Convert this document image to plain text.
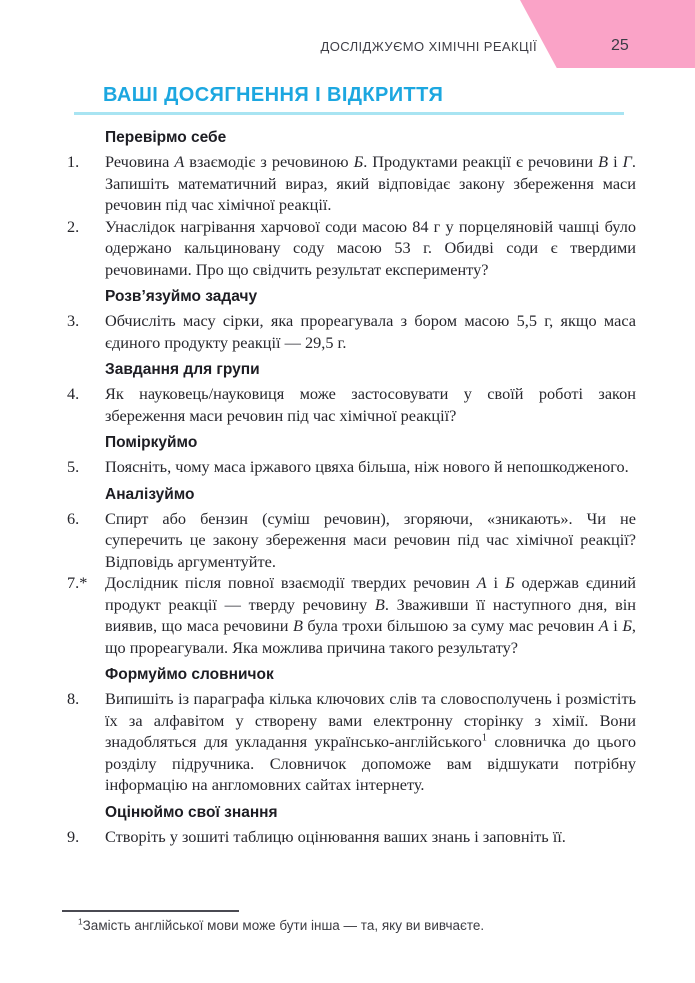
ДОСЛІДЖУЄМО ХІМІЧНІ РЕАКЦІЇ	25
ВАШІ ДОСЯГНЕННЯ І ВІДКРИТТЯ
Перевірмо себе
1.	Речовина А взаємодіє з речовиною Б. Продуктами реакції є речовини В і Г. Запишіть математичний вираз, який відповідає закону збереження маси речовин під час хімічної реакції.

2.	Унаслідок нагрівання харчової соди масою 84 г у порцеляновій чашці було одержано кальциновану соду масою 53 г. Обидві соди є твердими речовинами. Про що свідчить результат експерименту?

Розв’язуймо задачу
3.	Обчисліть масу сірки, яка прореагувала з бором масою 5,5 г, якщо маса єдиного продукту реакції — 29,5 г.

Завдання для групи
4.	Як науковець/науковиця може застосовувати у своїй роботі закон збереження маси речовин під час хімічної реакції?

Поміркуймо
5.	Поясніть, чому маса іржавого цвяха більша, ніж нового й непошкодженого.

Аналізуймо
6.	Спирт або бензин (суміш речовин), згоряючи, «зникають». Чи не суперечить це закону збереження маси речовин під час хімічної реакції? Відповідь аргументуйте.

7.*	Дослідник після повної взаємодії твердих речовин А і Б одержав єдиний продукт реакції — тверду речовину В. Зваживши її наступного дня, він виявив, що маса речовини В була трохи більшою за суму мас речовин А і Б, що прореагували. Яка можлива причина такого результату?

Формуймо словничок
8.	Випишіть із параграфа кілька ключових слів та словосполучень і розмістіть їх за алфавітом у створену вами електронну сторінку з хімії. Вони знадобляться для укладання українсько-англійського$^1$ словничка до цього розділу підручника. Словничок допоможе вам відшукати потрібну інформацію на англомовних сайтах інтернету.

Оцінюймо свої знання
9.	Створіть у зошиті таблицю оцінювання ваших знань і заповніть її.

$^1$Замість англійської мови може бути інша — та, яку ви вивчаєте.
